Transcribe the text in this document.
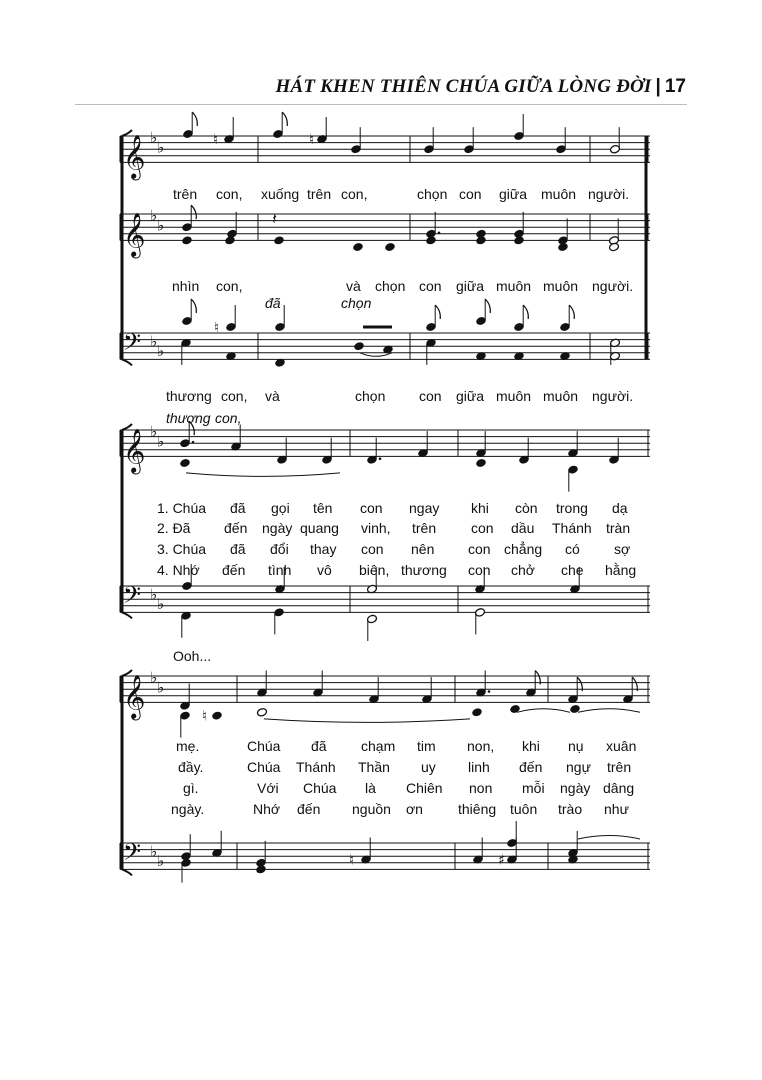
HÁT KHEN THIÊN CHÚA GIỮA LÒNG ĐỜI | 17
𝄞 ♭
♭
𝄞 ♭
♭
𝄢 ♭
♭
𝄞 ♭
♭
𝄢 ♭
♭
𝄞 ♭
♭
𝄢 ♭
♭
♮	♮
𝄽
♮
♮
♮	♯
trên con, xuống trên con,	chọn con giữa muôn người.
nhìn con,	và chọn con giữa muôn muôn người.
đã	chọn
thương con, và	chọn con giữa muôn muôn người.
thương con,
1. Chúa đã gọi tên con ngay khi còn trong dạ
2. Đã đến ngày quang vinh, trên con dầu Thánh tràn
3. Chúa đã đổi thay con nên con chẳng có sợ
4. Nhớ đến tình vô biên, thương con chở che hằng
Ooh...
mẹ.	Chúa đã chạm tim non, khi nụ xuân
đầy.	Chúa Thánh Thần uy linh đến ngự trên
gì.	Với Chúa là Chiên non mỗi ngày dâng
ngày.	Nhớ đến nguồn ơn	thiêng tuôn trào như
